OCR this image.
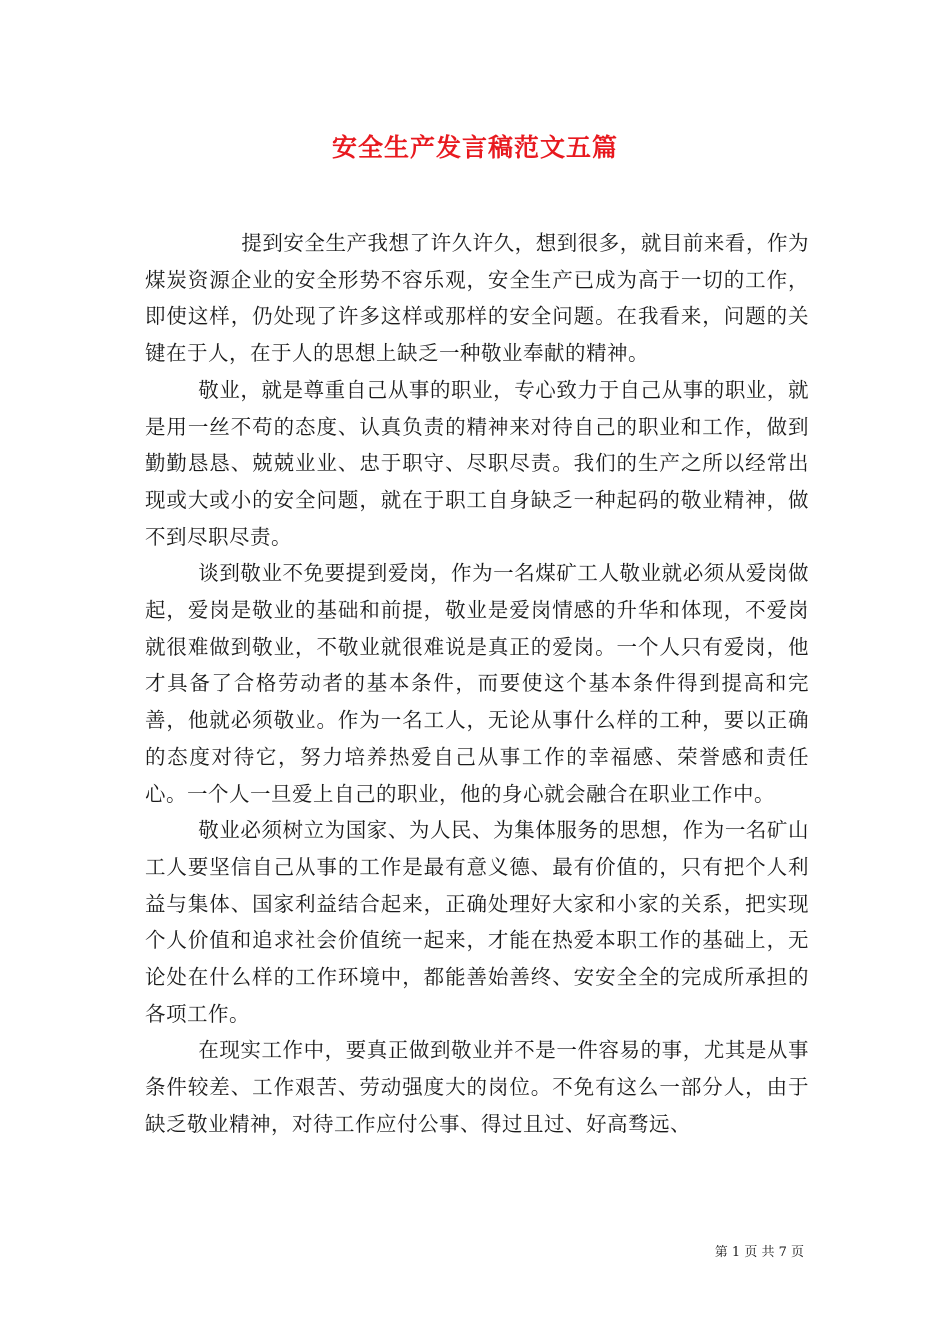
安全生产发言稿范文五篇

提到安全生产我想了许久许久，想到很多，就目前来看，作为煤炭资源企业的安全形势不容乐观，安全生产已成为高于一切的工作，即使这样，仍处现了许多这样或那样的安全问题。在我看来，问题的关键在于人，在于人的思想上缺乏一种敬业奉献的精神。

敬业，就是尊重自己从事的职业，专心致力于自己从事的职业，就是用一丝不苟的态度、认真负责的精神来对待自己的职业和工作，做到勤勤恳恳、兢兢业业、忠于职守、尽职尽责。我们的生产之所以经常出现或大或小的安全问题，就在于职工自身缺乏一种起码的敬业精神，做不到尽职尽责。

谈到敬业不免要提到爱岗，作为一名煤矿工人敬业就必须从爱岗做起，爱岗是敬业的基础和前提，敬业是爱岗情感的升华和体现，不爱岗就很难做到敬业，不敬业就很难说是真正的爱岗。一个人只有爱岗，他才具备了合格劳动者的基本条件，而要使这个基本条件得到提高和完善，他就必须敬业。作为一名工人，无论从事什么样的工种，要以正确的态度对待它，努力培养热爱自己从事工作的幸福感、荣誉感和责任心。一个人一旦爱上自己的职业，他的身心就会融合在职业工作中。

敬业必须树立为国家、为人民、为集体服务的思想，作为一名矿山工人要坚信自己从事的工作是最有意义德、最有价值的，只有把个人利益与集体、国家利益结合起来，正确处理好大家和小家的关系，把实现个人价值和追求社会价值统一起来，才能在热爱本职工作的基础上，无论处在什么样的工作环境中，都能善始善终、安安全全的完成所承担的各项工作。

在现实工作中，要真正做到敬业并不是一件容易的事，尤其是从事条件较差、工作艰苦、劳动强度大的岗位。不免有这么一部分人，由于缺乏敬业精神，对待工作应付公事、得过且过、好高骛远、

第 1 页 共 7 页
